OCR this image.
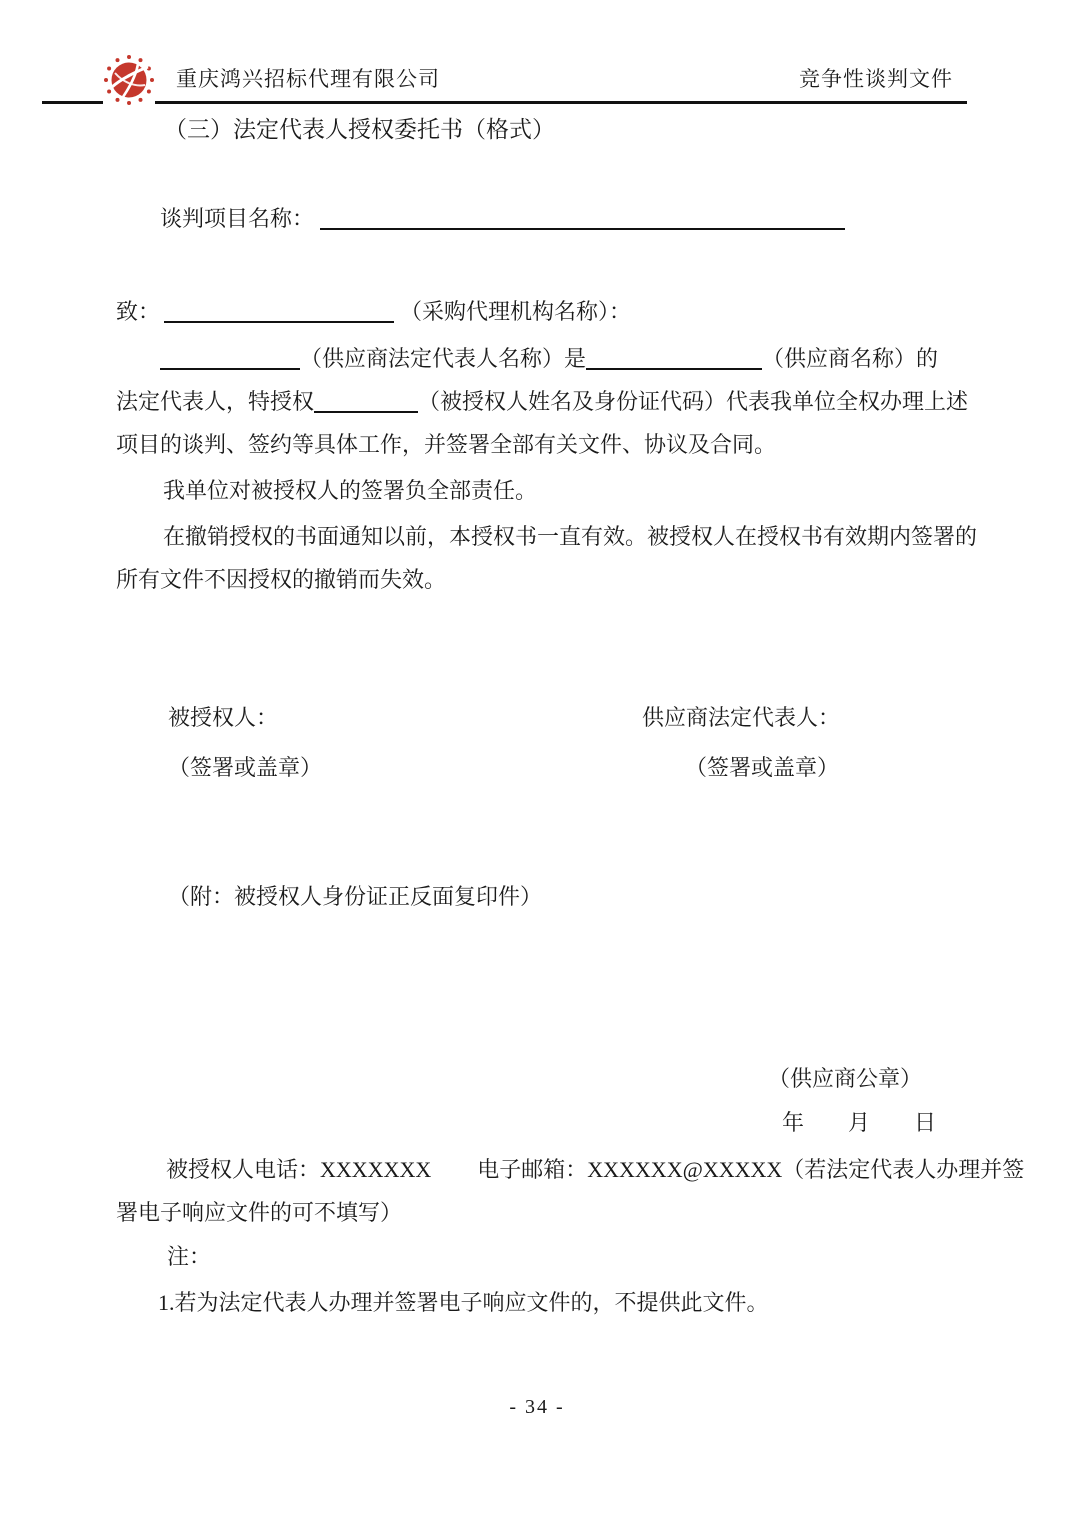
重庆鸿兴招标代理有限公司	竞争性谈判文件
（三）法定代表人授权委托书（格式）
谈判项目名称：
致：	（采购代理机构名称）：
（供应商法定代表人名称）是	（供应商名称）的
法定代表人，特授权	（被授权人姓名及身份证代码）代表我单位全权办理上述
项目的谈判、签约等具体工作，并签署全部有关文件、协议及合同。
我单位对被授权人的签署负全部责任。
在撤销授权的书面通知以前，本授权书一直有效。被授权人在授权书有效期内签署的
所有文件不因授权的撤销而失效。
被授权人：	供应商法定代表人：
（签署或盖章）	（签署或盖章）
（附：被授权人身份证正反面复印件）
（供应商公章）
年　　月　　日
被授权人电话：XXXXXXX 电子邮箱：XXXXXX@XXXXX（若法定代表人办理并签
署电子响应文件的可不填写）
注：
1.若为法定代表人办理并签署电子响应文件的，不提供此文件。
- 34 -
